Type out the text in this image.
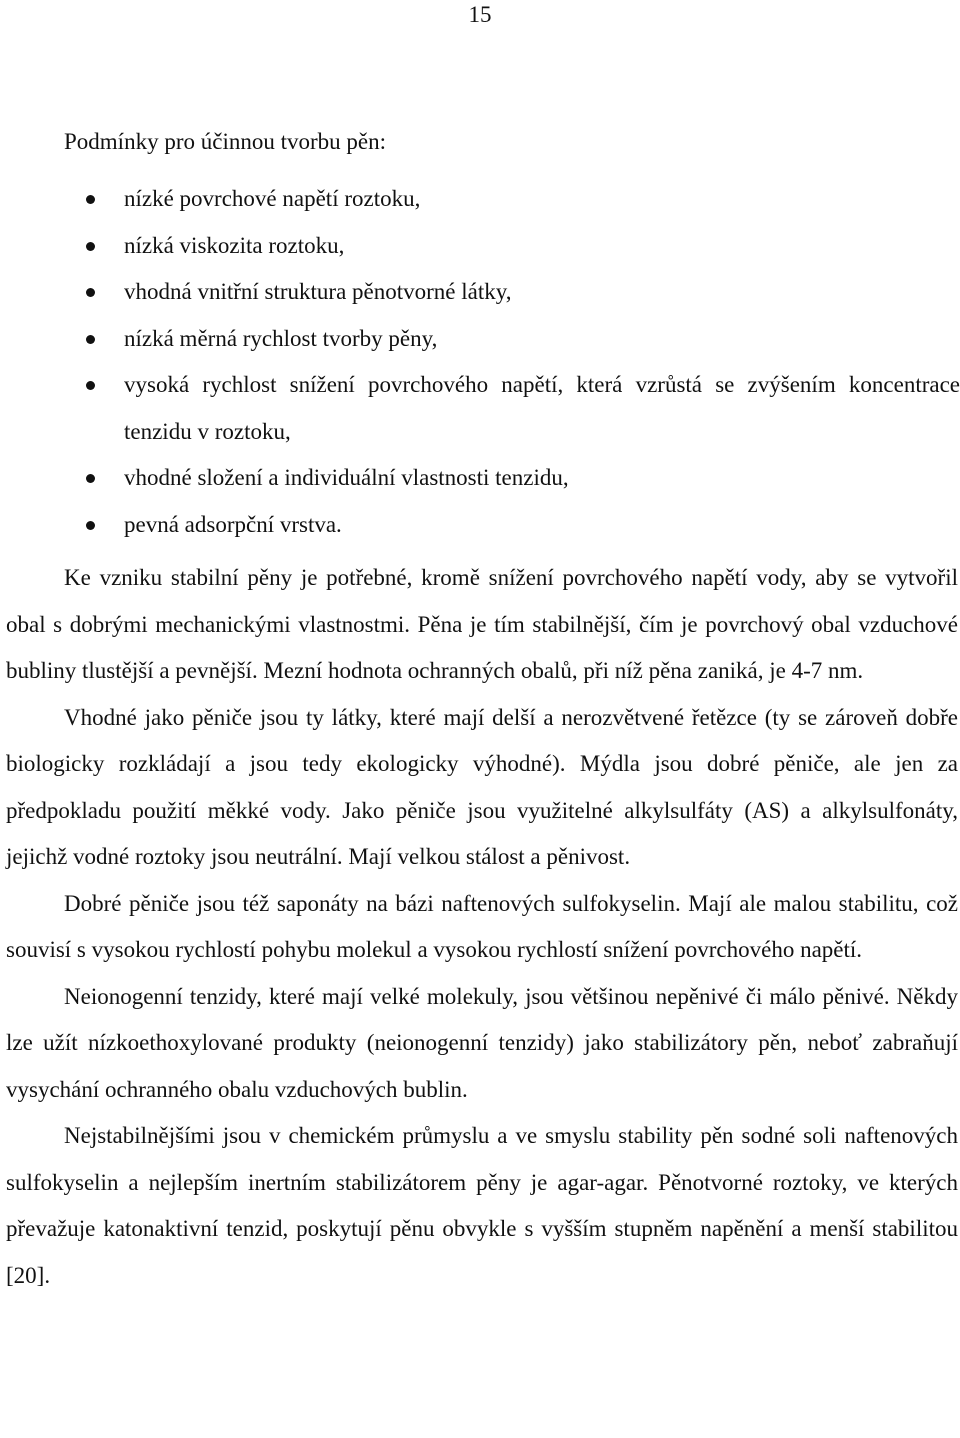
15
Podmínky pro účinnou tvorbu pěn:
nízké povrchové napětí roztoku,
nízká viskozita roztoku,
vhodná vnitřní struktura pěnotvorné látky,
nízká měrná rychlost tvorby pěny,
vysoká rychlost snížení povrchového napětí, která vzrůstá se zvýšením koncentrace tenzidu v roztoku,
vhodné složení a individuální vlastnosti tenzidu,
pevná adsorpční vrstva.

Ke vzniku stabilní pěny je potřebné, kromě snížení povrchového napětí vody, aby se vytvořil obal s dobrými mechanickými vlastnostmi. Pěna je tím stabilnější, čím je povrchový obal vzduchové bubliny tlustější a pevnější. Mezní hodnota ochranných obalů, při níž pěna zaniká, je 4-7 nm.

Vhodné jako pěniče jsou ty látky, které mají delší a nerozvětvené řetězce (ty se zároveň dobře biologicky rozkládají a jsou tedy ekologicky výhodné). Mýdla jsou dobré pěniče, ale jen za předpokladu použití měkké vody. Jako pěniče jsou využitelné alkylsulfáty (AS) a alkylsulfonáty, jejichž vodné roztoky jsou neutrální. Mají velkou stálost a pěnivost.

Dobré pěniče jsou též saponáty na bázi naftenových sulfokyselin. Mají ale malou stabilitu, což souvisí s vysokou rychlostí pohybu molekul a vysokou rychlostí snížení povrchového napětí.

Neionogenní tenzidy, které mají velké molekuly, jsou většinou nepěnivé či málo pěnivé. Někdy lze užít nízkoethoxylované produkty (neionogenní tenzidy) jako stabilizátory pěn, neboť zabraňují vysychání ochranného obalu vzduchových bublin.

Nejstabilnějšími jsou v chemickém průmyslu a ve smyslu stability pěn sodné soli naftenových sulfokyselin a nejlepším inertním stabilizátorem pěny je agar-agar. Pěnotvorné roztoky, ve kterých převažuje katonaktivní tenzid, poskytují pěnu obvykle s vyšším stupněm napěnění a menší stabilitou [20].
